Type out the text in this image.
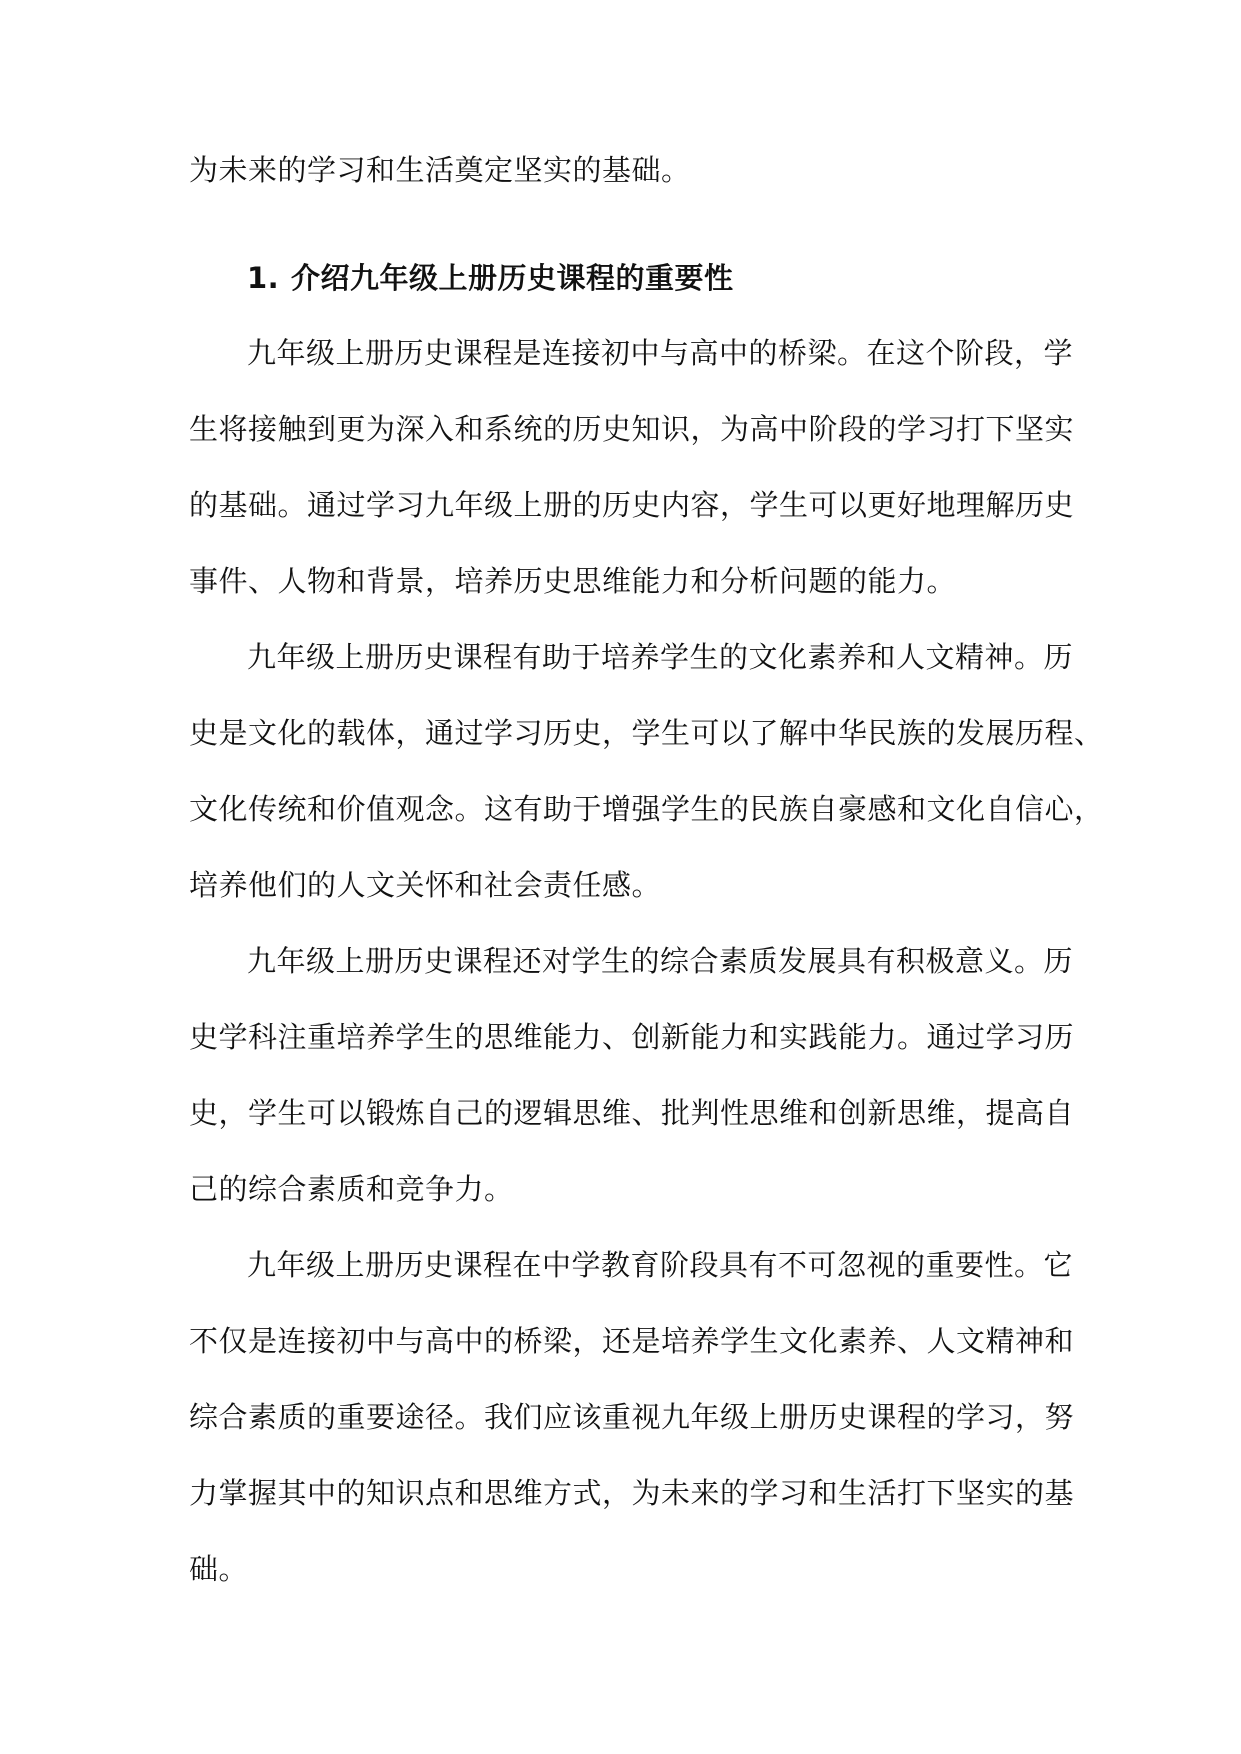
为未来的学习和生活奠定坚实的基础。
1. 介绍九年级上册历史课程的重要性
九年级上册历史课程是连接初中与高中的桥梁。在这个阶段，学
生将接触到更为深入和系统的历史知识，为高中阶段的学习打下坚实
的基础。通过学习九年级上册的历史内容，学生可以更好地理解历史
事件、人物和背景，培养历史思维能力和分析问题的能力。
九年级上册历史课程有助于培养学生的文化素养和人文精神。历
史是文化的载体，通过学习历史，学生可以了解中华民族的发展历程、
文化传统和价值观念。这有助于增强学生的民族自豪感和文化自信心，
培养他们的人文关怀和社会责任感。
九年级上册历史课程还对学生的综合素质发展具有积极意义。历
史学科注重培养学生的思维能力、创新能力和实践能力。通过学习历
史，学生可以锻炼自己的逻辑思维、批判性思维和创新思维，提高自
己的综合素质和竞争力。
九年级上册历史课程在中学教育阶段具有不可忽视的重要性。它
不仅是连接初中与高中的桥梁，还是培养学生文化素养、人文精神和
综合素质的重要途径。我们应该重视九年级上册历史课程的学习，努
力掌握其中的知识点和思维方式，为未来的学习和生活打下坚实的基
础。
